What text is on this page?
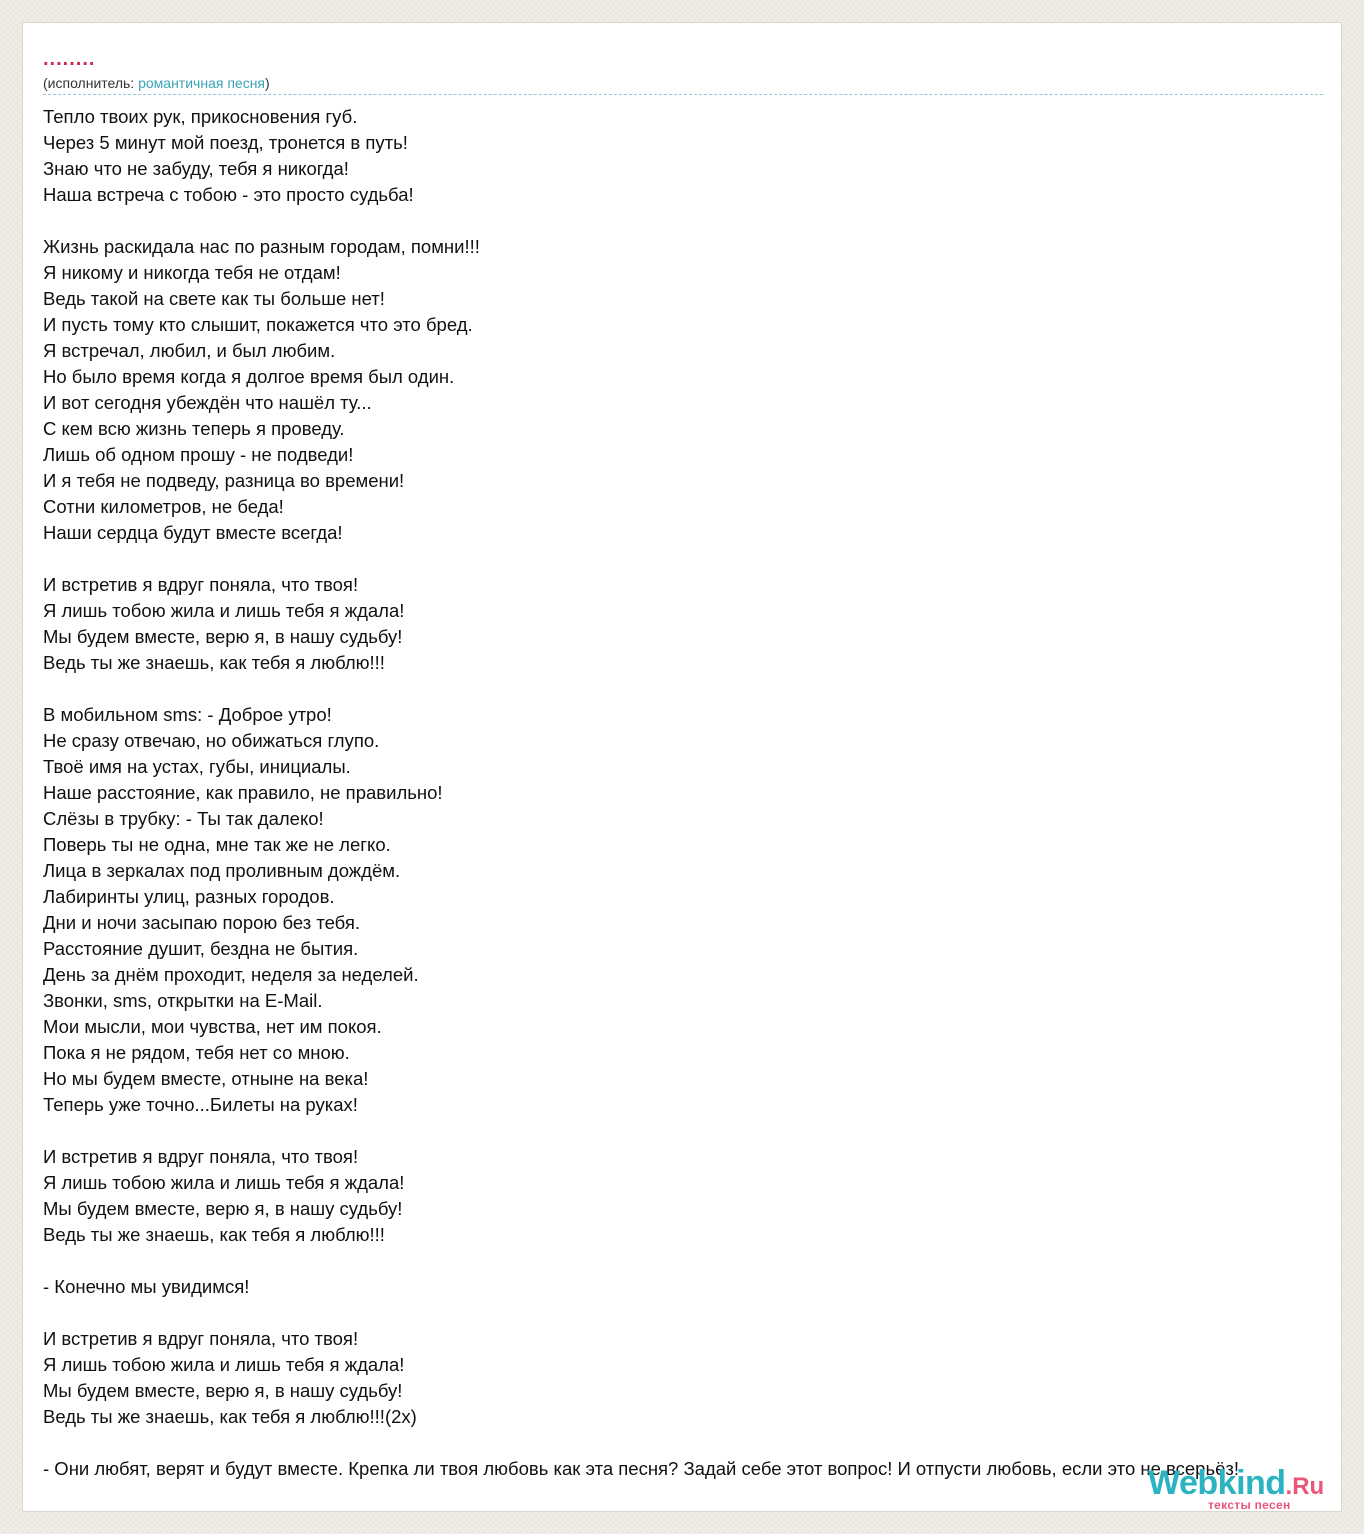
........
(исполнитель: романтичная песня)
Тепло твоих рук, прикосновения губ.
Через 5 минут мой поезд, тронется в путь!
Знаю что не забуду, тебя я никогда!
Наша встреча с тобою - это просто судьба!
Жизнь раскидала нас по разным городам, помни!!!
Я никому и никогда тебя не отдам!
Ведь такой на свете как ты больше нет!
И пусть тому кто слышит, покажется что это бред.
Я встречал, любил, и был любим.
Но было время когда я долгое время был один.
И вот сегодня убеждён что нашёл ту...
С кем всю жизнь теперь я проведу.
Лишь об одном прошу - не подведи!
И я тебя не подведу, разница во времени!
Сотни километров, не беда!
Наши сердца будут вместе всегда!
И встретив я вдруг поняла, что твоя!
Я лишь тобою жила и лишь тебя я ждала!
Мы будем вместе, верю я, в нашу судьбу!
Ведь ты же знаешь, как тебя я люблю!!!
В мобильном sms: - Доброе утро!
Не сразу отвечаю, но обижаться глупо.
Твоё имя на устах, губы, инициалы.
Наше расстояние, как правило, не правильно!
Слёзы в трубку: - Ты так далеко!
Поверь ты не одна, мне так же не легко.
Лица в зеркалах под проливным дождём.
Лабиринты улиц, разных городов.
Дни и ночи засыпаю порою без тебя.
Расстояние душит, бездна не бытия.
День за днём проходит, неделя за неделей.
Звонки, sms, открытки на E-Mail.
Мои мысли, мои чувства, нет им покоя.
Пока я не рядом, тебя нет со мною.
Но мы будем вместе, отныне на века!
Теперь уже точно...Билеты на руках!
И встретив я вдруг поняла, что твоя!
Я лишь тобою жила и лишь тебя я ждала!
Мы будем вместе, верю я, в нашу судьбу!
Ведь ты же знаешь, как тебя я люблю!!!
- Конечно мы увидимся!
И встретив я вдруг поняла, что твоя!
Я лишь тобою жила и лишь тебя я ждала!
Мы будем вместе, верю я, в нашу судьбу!
Ведь ты же знаешь, как тебя я люблю!!!(2x)
- Они любят, верят и будут вместе. Крепка ли твоя любовь как эта песня? Задай себе этот вопрос! И отпусти любовь, если это не всерьёз!
Webkind.Ru
тексты песен
